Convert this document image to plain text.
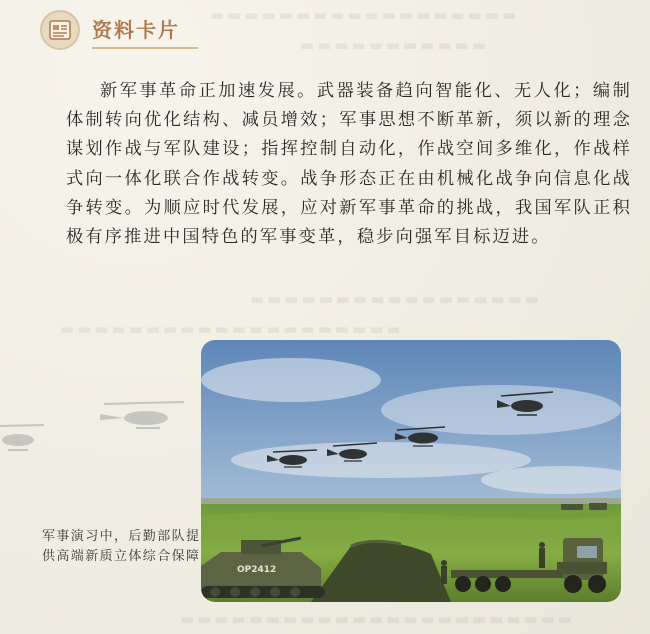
▬▬▬▬▬▬▬▬▬▬▬▬▬▬▬▬▬▬
▬▬▬▬▬▬▬▬▬▬▬
▬▬▬▬▬▬▬▬▬▬▬▬▬▬▬▬▬
▬▬▬▬▬▬▬▬▬▬▬▬▬▬▬▬▬▬▬▬
▬▬▬▬▬▬▬▬▬▬▬▬▬▬▬▬▬▬▬▬▬▬▬
资料卡片

新军事革命正加速发展。武器装备趋向智能化、无人化；编制体制转向优化结构、减员增效；军事思想不断革新，须以新的理念谋划作战与军队建设；指挥控制自动化，作战空间多维化，作战样式向一体化联合作战转变。战争形态正在由机械化战争向信息化战争转变。为顺应时代发展，应对新军事革命的挑战，我国军队正积极有序推进中国特色的军事变革，稳步向强军目标迈进。

OP2412

军事演习中，后勤部队提供高端新质立体综合保障
